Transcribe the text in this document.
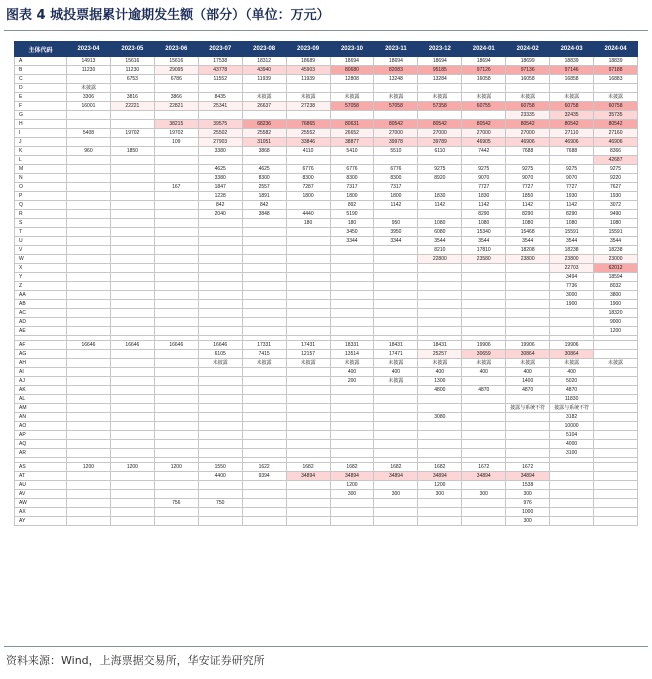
图表 4 城投票据累计逾期发生额（部分）（单位：万元）
主体代码	2023-04	2023-05	2023-06	2023-07	2023-08	2023-09	2023-10	2023-11	2023-12	2024-01	2024-02	2024-03	2024-04
A	14913	15616	15616	17538	18312	18689	18694	18694	18694	18694	18699	18839	18839
B	11230	11230	29095	43778	43940	45903	80680	82083	95185	97126	97136	97146	97188
C		6753	6786	11552	11939	11939	12808	13248	13284	16058	16058	16858	16883
D	未披露												
E	3306	3816	3866	8435	未披露	未披露	未披露	未披露	未披露	未披露	未披露	未披露	未披露
F	16001	22221	22821	25341	26637	27238	57058	57058	57358	60755	60758	60758	60758
G											23335	32435	35735
H			38215	39575	68236	76865	80631	80542	80542	80542	80542	80542	80542
I	5408	19702	19702	25502	25582	25552	26652	27000	27000	27000	27000	27110	27160
J			109	27903	31051	33846	38877	39978	39789	46905	46906	46906	46906
K	960	1850		3380	3868	4110	5410	5510	6110	7442	7688	7688	8366
L													42687
M				4625	4625	6776	6776	6776	9275	9275	9275	9275	9275
N				3380	8300	8300	8300	8300	8920	9070	9070	9070	9220
O			167	1847	2557	7287	7317	7317		7727	7727	7727	7627
P				1228	1891	1800	1800	1800	1830	1830	1850	1930	1930
Q				842	842		892	1142	1142	1142	1142	1142	3072
R				2040	3848	4440	5190			8290	8290	8290	9490
S						180	180	950	1080	1080	1080	1080	1080
T							3450	3950	6080	15340	15468	15591	15591
U							3344	3344	3544	3544	3544	3544	3544
V									8210	17810	18208	18238	18238
W									22800	23580	23800	23800	23000
X												22703	62012
Y												3494	18594
Z												7736	8032
AA												3000	3800
AB												1900	1900
AC													18320
AD													9000
AE													1200

AF	16646	16646	16646	16646	17331	17431	18331	18431	18431	19906	19906	19906	
AG				6105	7415	12157	13514	17471	25257	30659	30864	30864	
AH				未披露	未披露	未披露	未披露	未披露	未披露	未披露	未披露	未披露	未披露
AI							400	400	400	400	400	400	
AJ							200	未披露	1300		1400	5020	
AK									4800	4870	4870	4870	
AL												11830	
AM											披露与系统不符	披露与系统不符	
AN									3080			3182	
AO												10000	
AP												5104	
AQ												4000	
AR												3100	

AS	1200	1200	1200	1550	1622	1682	1682	1682	1682	1672	1672		
AT				4400	9394	34894	34894	34894	34894	34894	34894		
AU							1200		1200		1538		
AV							300	300	300	300	300		
AW			756	750							976		
AX											1000		
AY											300		
资料来源：Wind，上海票据交易所，华安证券研究所
